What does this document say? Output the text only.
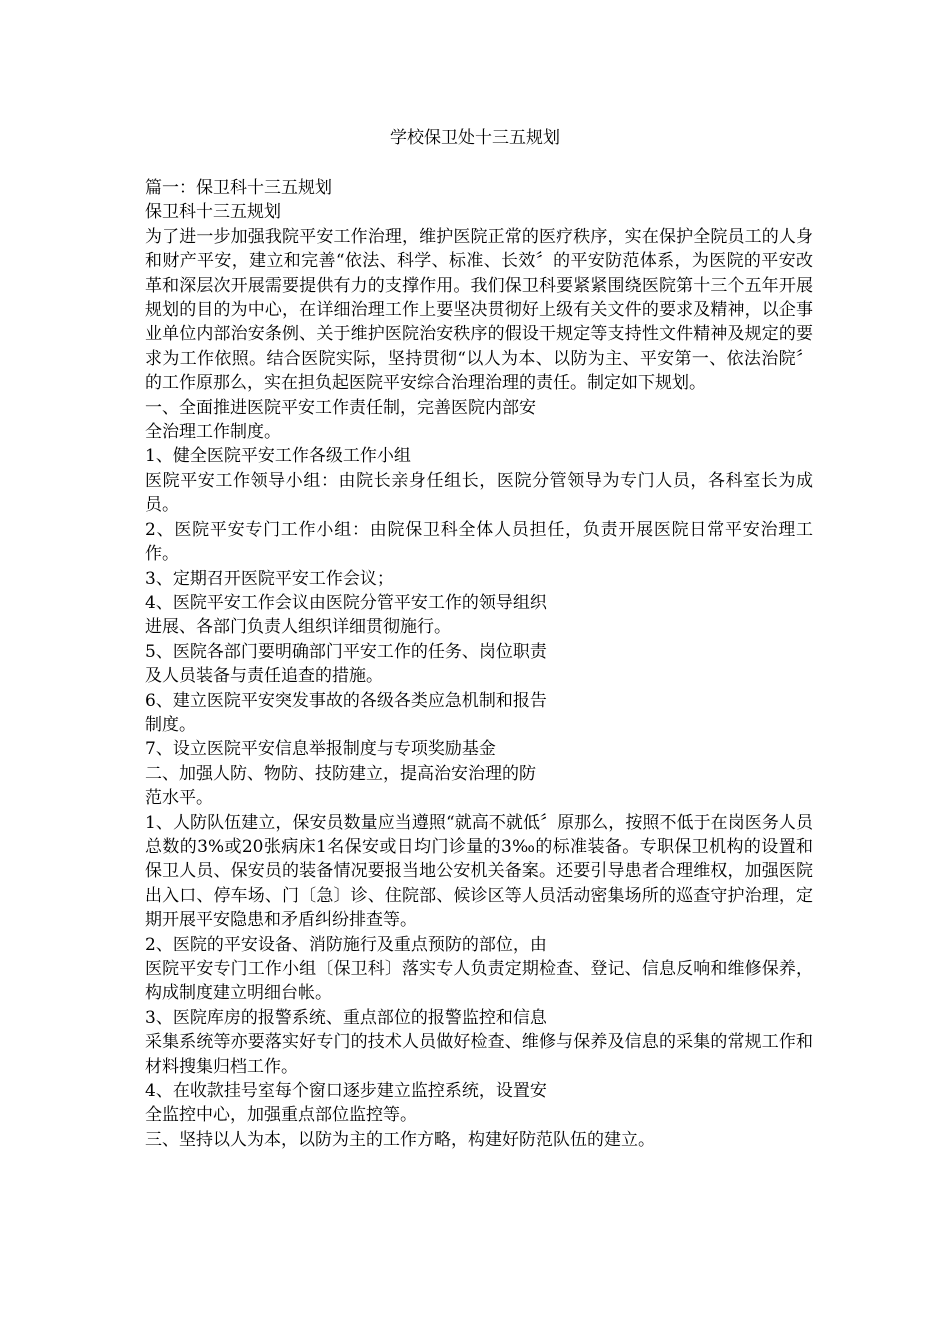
学校保卫处十三五规划

篇一：保卫科十三五规划

保卫科十三五规划

为了进一步加强我院平安工作治理，维护医院正常的医疗秩序，实在保护全院员工的人身和财产平安，建立和完善“依法、科学、标准、长效〞的平安防范体系，为医院的平安改革和深层次开展需要提供有力的支撑作用。我们保卫科要紧紧围绕医院第十三个五年开展规划的目的为中心，在详细治理工作上要坚决贯彻好上级有关文件的要求及精神，以企事业单位内部治安条例、关于维护医院治安秩序的假设干规定等支持性文件精神及规定的要求为工作依照。结合医院实际，坚持贯彻“以人为本、以防为主、平安第一、依法治院〞的工作原那么，实在担负起医院平安综合治理治理的责任。制定如下规划。

一、全面推进医院平安工作责任制，完善医院内部安

全治理工作制度。

1、健全医院平安工作各级工作小组

医院平安工作领导小组：由院长亲身任组长，医院分管领导为专门人员，各科室长为成员。

2、医院平安专门工作小组：由院保卫科全体人员担任，负责开展医院日常平安治理工作。

3、定期召开医院平安工作会议；

4、医院平安工作会议由医院分管平安工作的领导组织

进展、各部门负责人组织详细贯彻施行。

5、医院各部门要明确部门平安工作的任务、岗位职责

及人员装备与责任追查的措施。

6、建立医院平安突发事故的各级各类应急机制和报告

制度。

7、设立医院平安信息举报制度与专项奖励基金

二、加强人防、物防、技防建立，提高治安治理的防

范水平。

1、人防队伍建立，保安员数量应当遵照“就高不就低〞原那么，按照不低于在岗医务人员总数的3%或20张病床1名保安或日均门诊量的3‰的标准装备。专职保卫机构的设置和保卫人员、保安员的装备情况要报当地公安机关备案。还要引导患者合理维权，加强医院出入口、停车场、门〔急〕诊、住院部、候诊区等人员活动密集场所的巡查守护治理，定期开展平安隐患和矛盾纠纷排查等。

2、医院的平安设备、消防施行及重点预防的部位，由

医院平安专门工作小组〔保卫科〕落实专人负责定期检查、登记、信息反响和维修保养，构成制度建立明细台帐。

3、医院库房的报警系统、重点部位的报警监控和信息

采集系统等亦要落实好专门的技术人员做好检查、维修与保养及信息的采集的常规工作和材料搜集归档工作。

4、在收款挂号室每个窗口逐步建立监控系统，设置安

全监控中心，加强重点部位监控等。

三、坚持以人为本，以防为主的工作方略，构建好防范队伍的建立。
